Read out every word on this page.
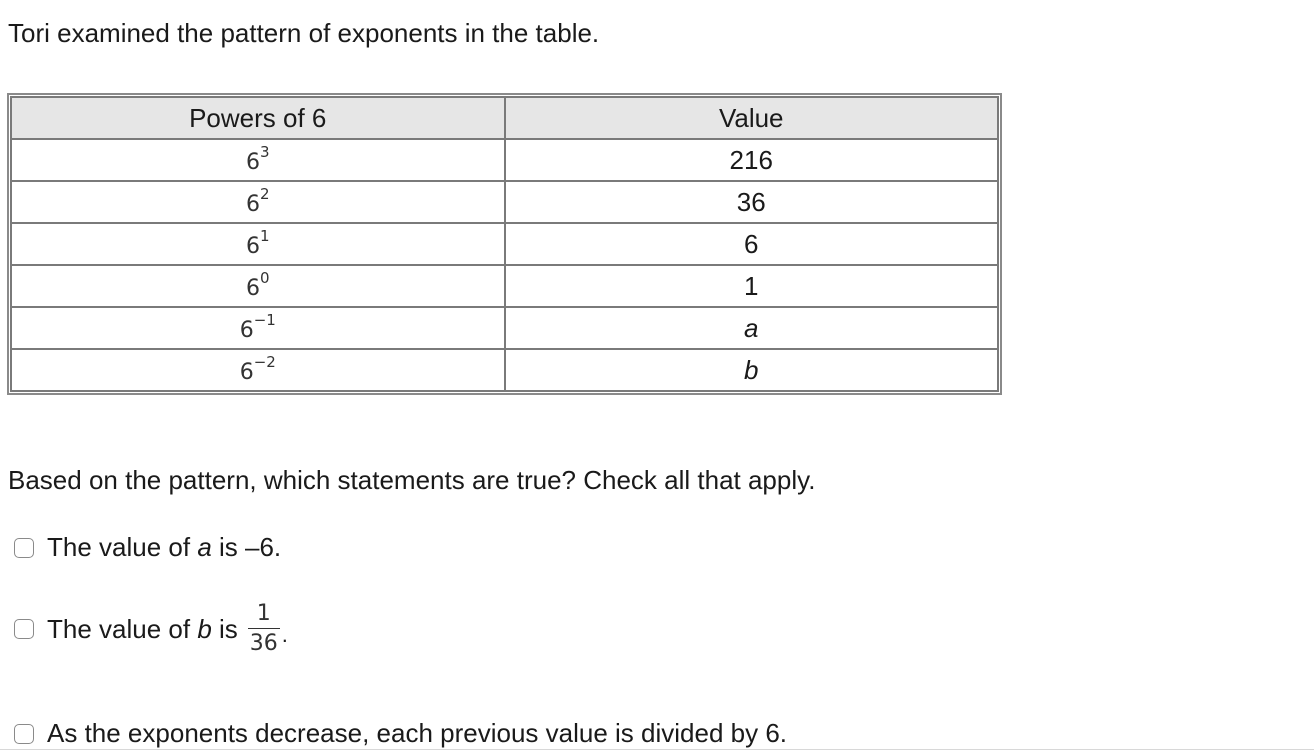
Tori examined the pattern of exponents in the table.

Powers of 6	Value
$6^3$	216
$6^2$	36
$6^1$	6
$6^0$	1
$6^{-1}$	a
$6^{-2}$	b

Based on the pattern, which statements are true? Check all that apply.

The value of a is –6.
The value of b is $\frac{1}{36}$ .
As the exponents decrease, each previous value is divided by 6.
